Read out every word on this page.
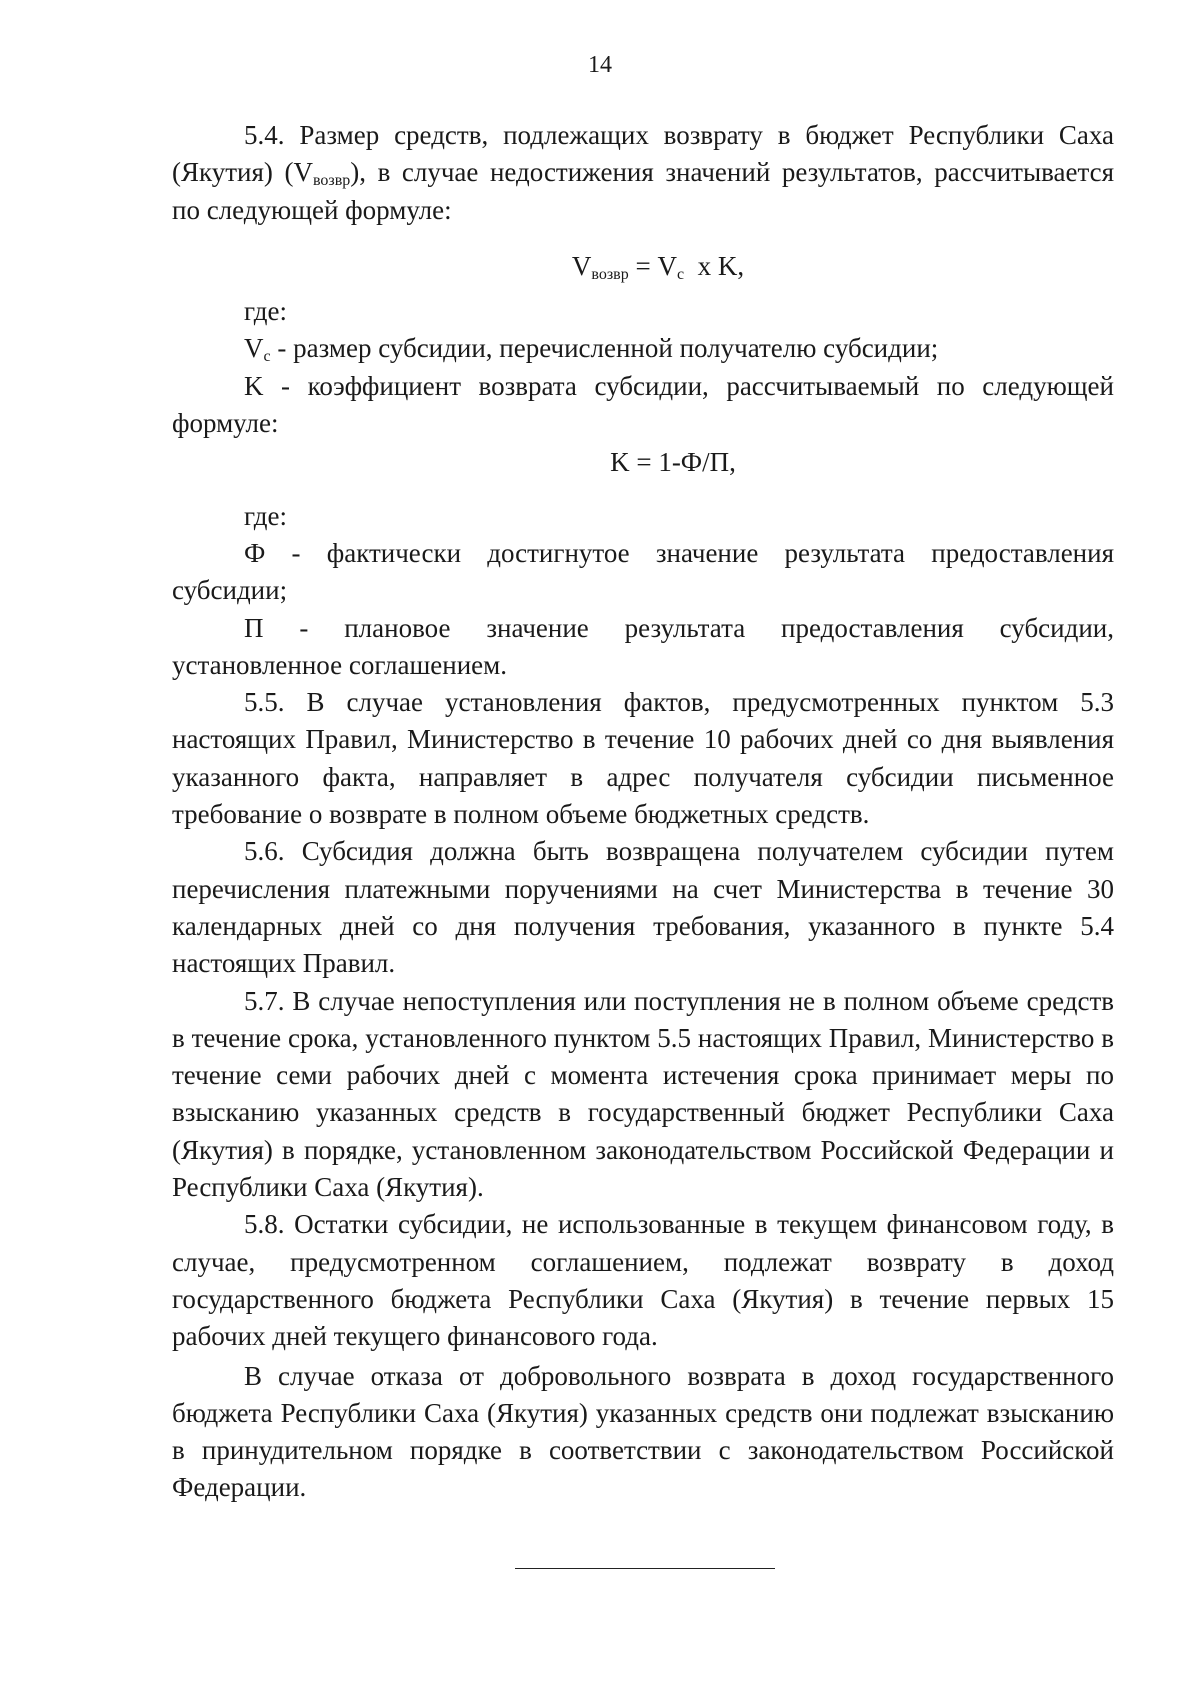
14

5.4. Размер средств, подлежащих возврату в бюджет Республики Саха (Якутия) $(V_{возвр})$, в случае недостижения значений результатов, рассчитывается по следующей формуле:

$V_{возвр} = V_c$  x K,

где:

$V_c$ - размер субсидии, перечисленной получателю субсидии;

K - коэффициент возврата субсидии, рассчитываемый по следующей формуле:

K = 1-Ф/П,

где:

Ф - фактически достигнутое значение результата предоставления субсидии;

П - плановое значение результата предоставления субсидии, установленное соглашением.

5.5. В случае установления фактов, предусмотренных пунктом 5.3 настоящих Правил, Министерство в течение 10 рабочих дней со дня выявления указанного факта, направляет в адрес получателя субсидии письменное требование о возврате в полном объеме бюджетных средств.

5.6. Субсидия должна быть возвращена получателем субсидии путем перечисления платежными поручениями на счет Министерства в течение 30 календарных дней со дня получения требования, указанного в пункте 5.4 настоящих Правил.

5.7. В случае непоступления или поступления не в полном объеме средств в течение срока, установленного пунктом 5.5 настоящих Правил, Министерство в течение семи рабочих дней с момента истечения срока принимает меры по взысканию указанных средств в государственный бюджет Республики Саха (Якутия) в порядке, установленном законодательством Российской Федерации и Республики Саха (Якутия).

5.8. Остатки субсидии, не использованные в текущем финансовом году, в случае, предусмотренном соглашением, подлежат возврату в доход государственного бюджета Республики Саха (Якутия) в течение первых 15 рабочих дней текущего финансового года.

В случае отказа от добровольного возврата в доход государственного бюджета Республики Саха (Якутия) указанных средств они подлежат взысканию в принудительном порядке в соответствии с законодательством Российской Федерации.
